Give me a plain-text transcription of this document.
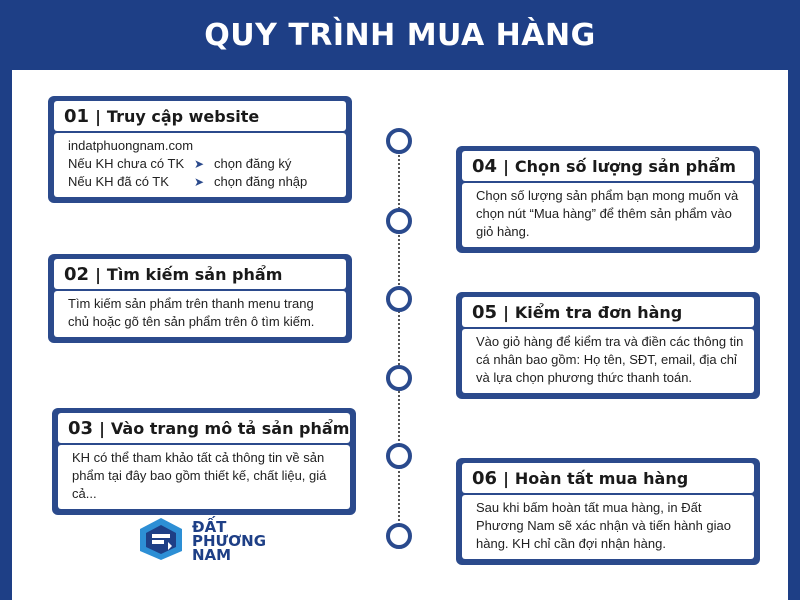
QUY TRÌNH MUA HÀNG
01 | Truy cập website
indatphuongnam.com
Nếu KH chưa có TK ➤ chọn đăng ký
Nếu KH đã có TK	➤ chọn đăng nhập
02 | Tìm kiếm sản phẩm
Tìm kiếm sản phẩm trên thanh menu trang chủ hoặc gõ tên sản phẩm trên ô tìm kiếm.
03 | Vào trang mô tả sản phẩm
KH có thể tham khảo tất cả thông tin về sản phẩm tại đây bao gồm thiết kế, chất liệu, giá cả...
04 | Chọn số lượng sản phẩm
Chọn số lượng sản phẩm bạn mong muốn và chọn nút “Mua hàng” để thêm sản phẩm vào giỏ hàng.
05 | Kiểm tra đơn hàng
Vào giỏ hàng để kiểm tra và điền các thông tin cá nhân bao gồm: Họ tên, SĐT, email, địa chỉ và lựa chọn phương thức thanh toán.
06 | Hoàn tất mua hàng
Sau khi bấm hoàn tất mua hàng, in Đất Phương Nam sẽ xác nhận và tiến hành giao hàng. KH chỉ cần đợi nhận hàng.
ĐẤT
PHƯƠNG
NAM
